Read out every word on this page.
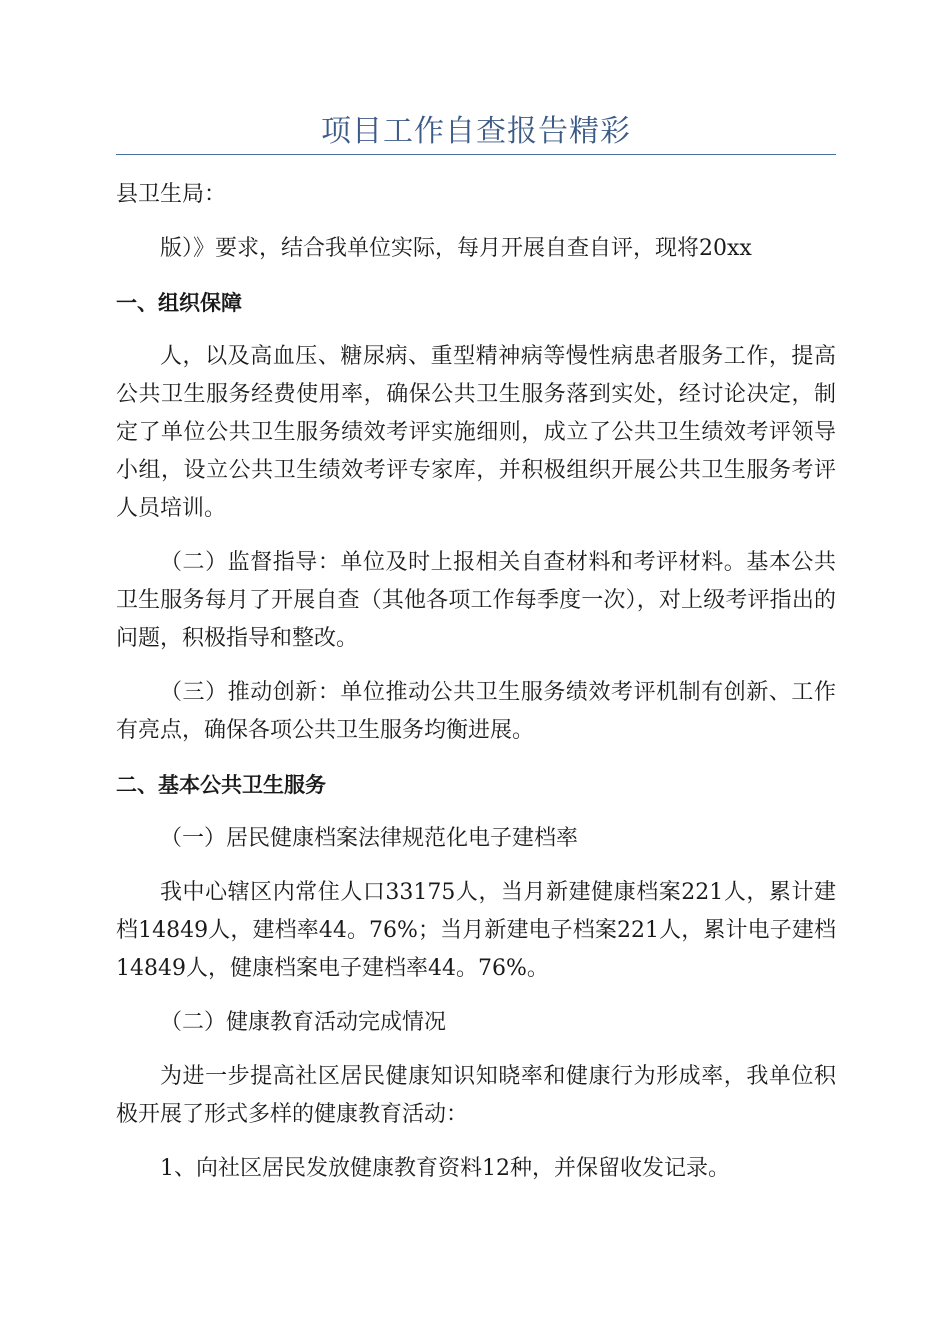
项目工作自查报告精彩

县卫生局：

版）》要求，结合我单位实际，每月开展自查自评，现将20xx

一、组织保障

人，以及高血压、糖尿病、重型精神病等慢性病患者服务工作，提高公共卫生服务经费使用率，确保公共卫生服务落到实处，经讨论决定，制定了单位公共卫生服务绩效考评实施细则，成立了公共卫生绩效考评领导小组，设立公共卫生绩效考评专家库，并积极组织开展公共卫生服务考评人员培训。

（二）监督指导：单位及时上报相关自查材料和考评材料。基本公共卫生服务每月了开展自查（其他各项工作每季度一次），对上级考评指出的问题，积极指导和整改。

（三）推动创新：单位推动公共卫生服务绩效考评机制有创新、工作有亮点，确保各项公共卫生服务均衡进展。

二、基本公共卫生服务

（一）居民健康档案法律规范化电子建档率

我中心辖区内常住人口33175人，当月新建健康档案221人，累计建档14849人，建档率44。76%；当月新建电子档案221人，累计电子建档14849人，健康档案电子建档率44。76%。

（二）健康教育活动完成情况

为进一步提高社区居民健康知识知晓率和健康行为形成率，我单位积极开展了形式多样的健康教育活动：

1、向社区居民发放健康教育资料12种，并保留收发记录。
